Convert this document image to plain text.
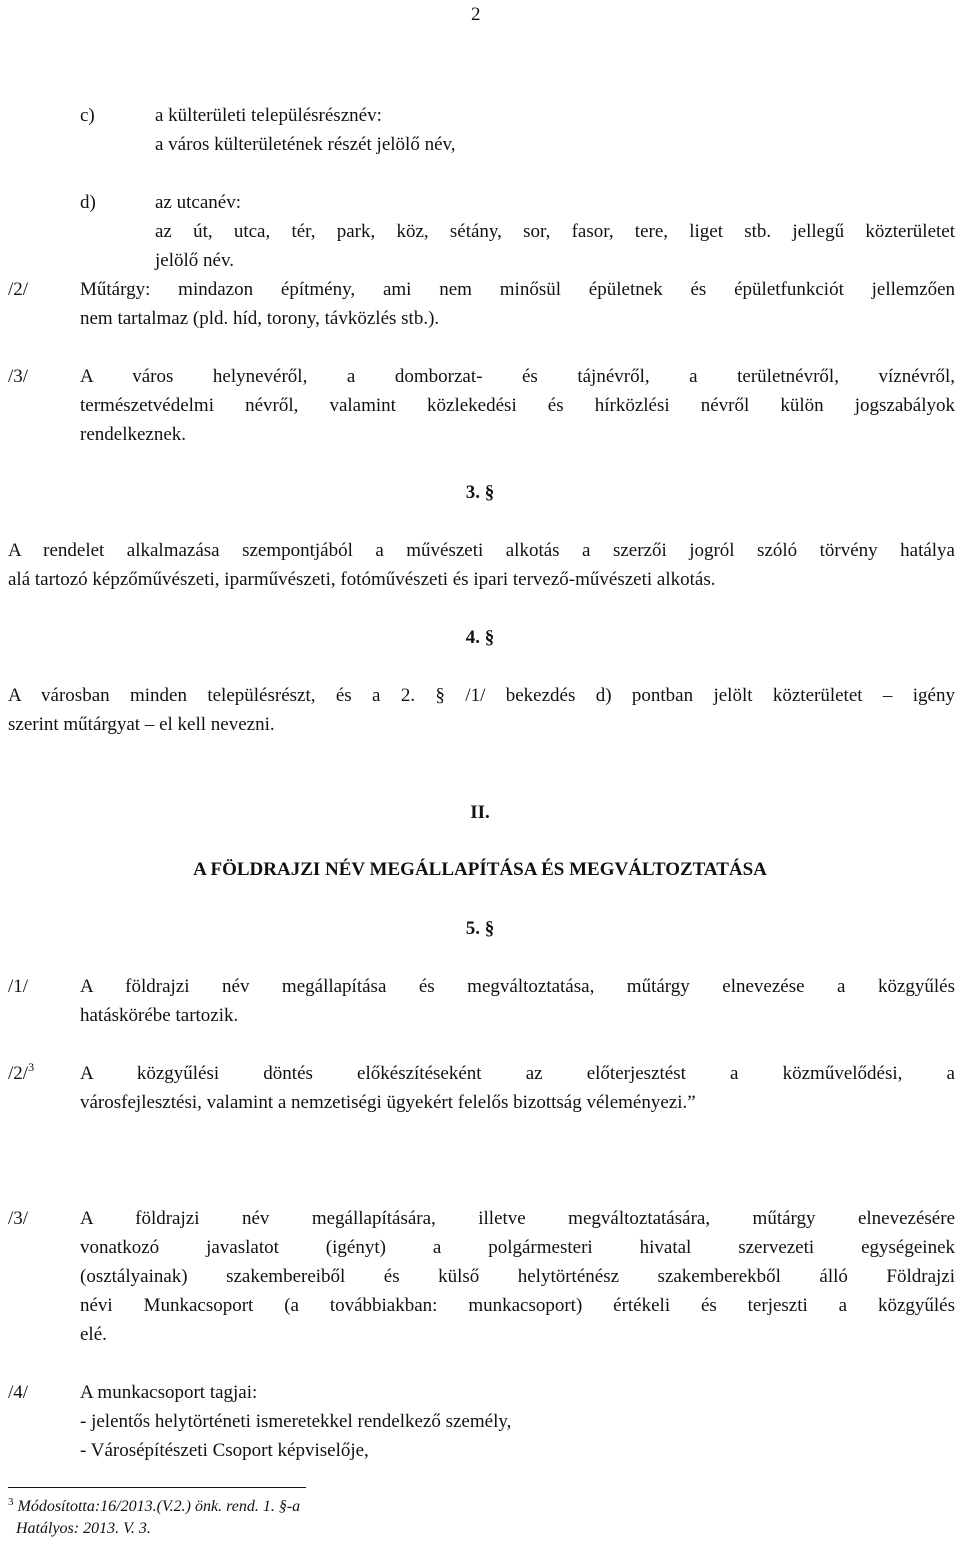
2
c)	a külterületi településrésznév:
a város külterületének részét jelölő név,
d)	az utcanév:
az út, utca, tér, park, köz, sétány, sor, fasor, tere, liget stb. jellegű közterületet
jelölő név.
/2/	Műtárgy: mindazon építmény, ami nem minősül épületnek és épületfunkciót jellemzően
nem tartalmaz (pld. híd, torony, távközlés stb.).
/3/	A város helynevéről, a domborzat- és tájnévről, a területnévről, víznévről,
természetvédelmi névről, valamint közlekedési és hírközlési névről külön jogszabályok
rendelkeznek.
3. §
A rendelet alkalmazása szempontjából a művészeti alkotás a szerzői jogról szóló törvény hatálya
alá tartozó képzőművészeti, iparművészeti, fotóművészeti és ipari tervező-művészeti alkotás.
4. §
A városban minden településrészt, és a 2. § /1/ bekezdés d) pontban jelölt közterületet – igény
szerint műtárgyat – el kell nevezni.
II.
A FÖLDRAJZI NÉV MEGÁLLAPÍTÁSA ÉS MEGVÁLTOZTATÁSA
5. §
/1/	A földrajzi név megállapítása és megváltoztatása, műtárgy elnevezése a közgyűlés
hatáskörébe tartozik.
/2/$^3$ A közgyűlési döntés előkészítéseként az előterjesztést a közművelődési, a
városfejlesztési, valamint a nemzetiségi ügyekért felelős bizottság véleményezi.”
/3/	A földrajzi név megállapítására, illetve megváltoztatására, műtárgy elnevezésére
vonatkozó javaslatot (igényt) a polgármesteri hivatal szervezeti egységeinek
(osztályainak) szakembereiből és külső helytörténész szakemberekből álló Földrajzi
névi Munkacsoport (a továbbiakban: munkacsoport) értékeli és terjeszti a közgyűlés
elé.
/4/	A munkacsoport tagjai:
- jelentős helytörténeti ismeretekkel rendelkező személy,
- Városépítészeti Csoport képviselője,
$^3$ Módosította:16/2013.(V.2.) önk. rend. 1. §-a
Hatályos: 2013. V. 3.
